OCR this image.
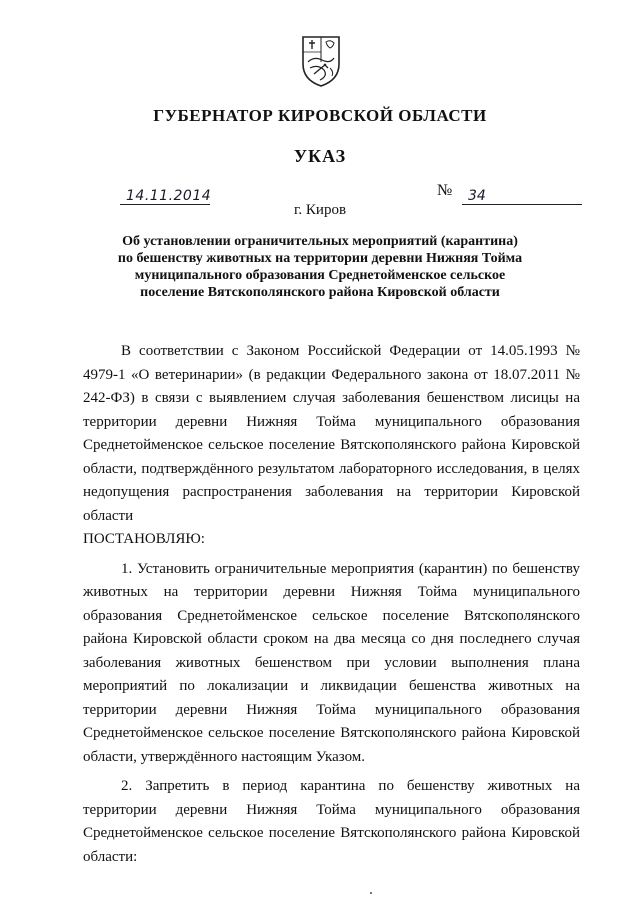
ГУБЕРНАТОР КИРОВСКОЙ ОБЛАСТИ
УКАЗ
14.11.2014	№ 34
г. Киров
Об установлении ограничительных мероприятий (карантина)
по бешенству животных на территории деревни Нижняя Тойма
муниципального образования Среднетойменское сельское
поселение Вятскополянского района Кировской области

В соответствии с Законом Российской Федерации от 14.05.1993 № 4979-1 «О ветеринарии» (в редакции Федерального закона от 18.07.2011 № 242-ФЗ) в связи с выявлением случая заболевания бешенством лисицы на территории деревни Нижняя Тойма муниципального образования Среднетойменское сельское поселение Вятскополянского района Кировской области, подтверждённого результатом лабораторного исследования, в целях недопущения распространения заболевания на территории Кировской области

ПОСТАНОВЛЯЮ:

1. Установить ограничительные мероприятия (карантин) по бешенству животных на территории деревни Нижняя Тойма муниципального образования Среднетойменское сельское поселение Вятскополянского района Кировской области сроком на два месяца со дня последнего случая заболевания животных бешенством при условии выполнения плана мероприятий по локализации и ликвидации бешенства животных на территории деревни Нижняя Тойма муниципального образования Среднетойменское сельское поселение Вятскополянского района Кировской области, утверждённого настоящим Указом.

2. Запретить в период карантина по бешенству животных на территории деревни Нижняя Тойма муниципального образования Среднетойменское сельское поселение Вятскополянского района Кировской области:
